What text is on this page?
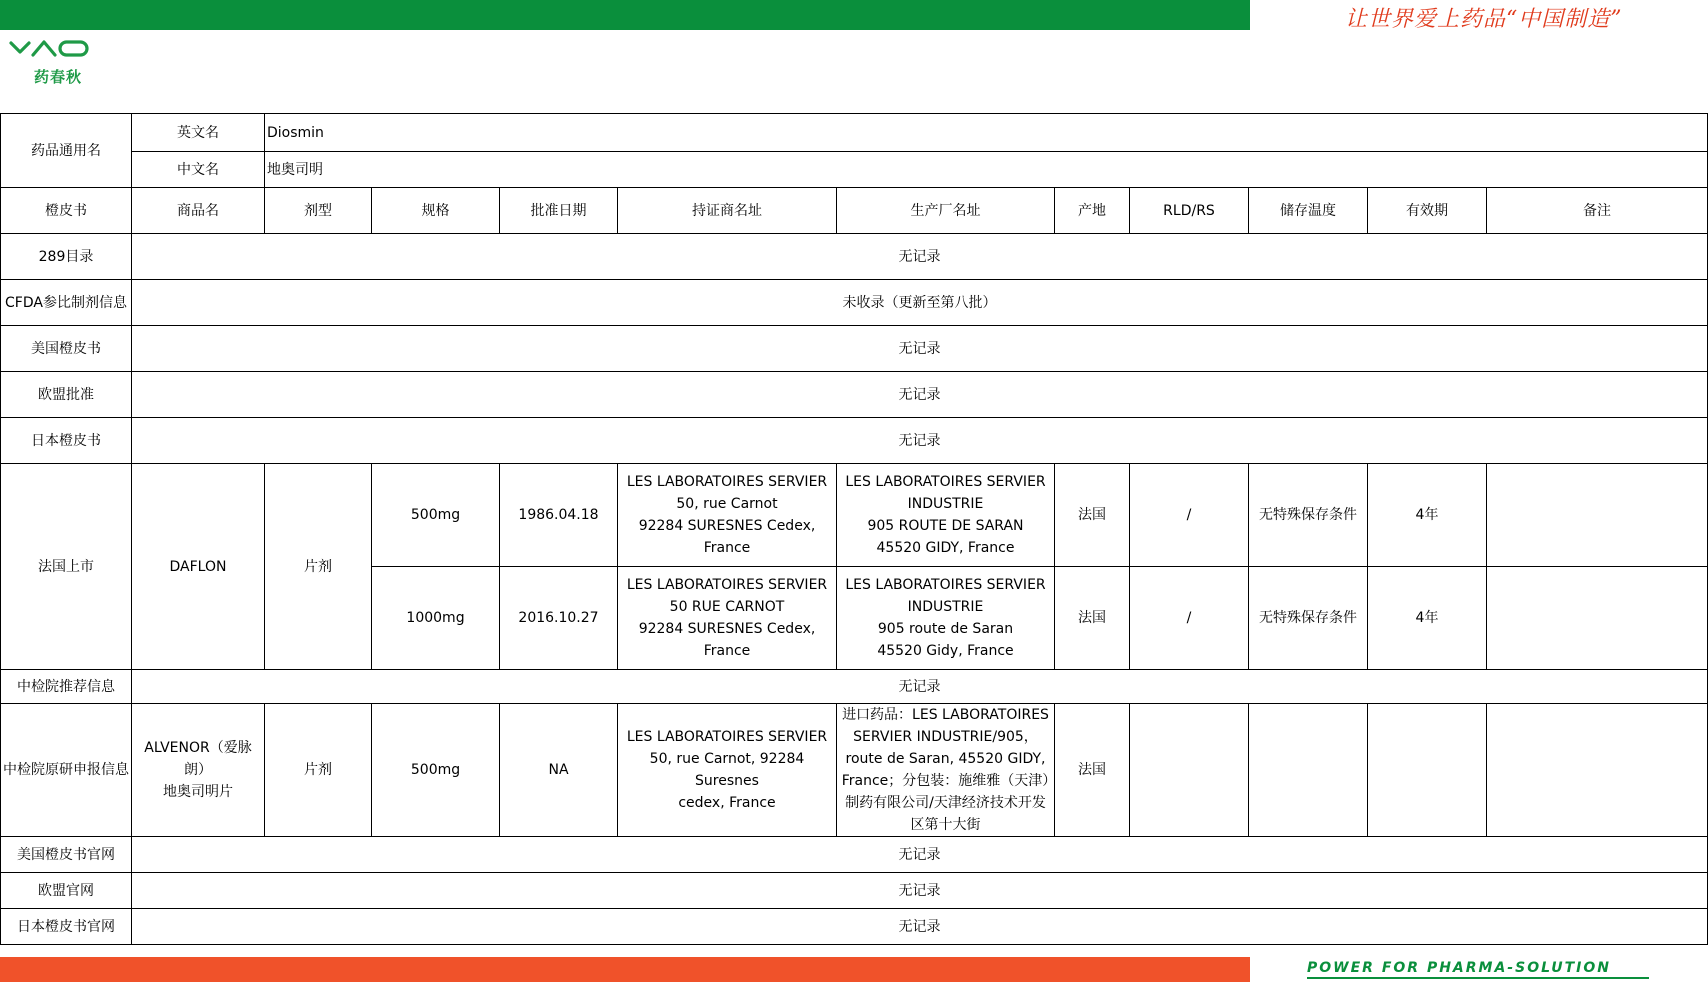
让世界爱上药品“中国制造”
药春秋
药品通用名	英文名	Diosmin									
	中文名	地奥司明									
橙皮书	商品名	剂型	规格	批准日期	持证商名址	生产厂名址	产地	RLD/RS	储存温度	有效期	备注
289目录	无记录										
CFDA参比制剂信息	未收录（更新至第八批）										
美国橙皮书	无记录										
欧盟批准	无记录										
日本橙皮书	无记录										
法国上市	DAFLON	片剂	500mg	1986.04.18	LES LABORATOIRES SERVIER
50, rue Carnot
92284 SURESNES Cedex, France	LES LABORATOIRES SERVIER
INDUSTRIE
905 ROUTE DE SARAN
45520 GIDY, France	法国	/	无特殊保存条件	4年	
			1000mg	2016.10.27	LES LABORATOIRES SERVIER
50 RUE CARNOT
92284 SURESNES Cedex, France	LES LABORATOIRES SERVIER
INDUSTRIE
905 route de Saran
45520 Gidy, France	法国	/	无特殊保存条件	4年	
中检院推荐信息	无记录										
中检院原研申报信息	ALVENOR（爱脉朗）
地奥司明片	片剂	500mg	NA	LES LABORATOIRES SERVIER
50, rue Carnot, 92284 Suresnes
cedex, France	进口药品：LES LABORATOIRES SERVIER INDUSTRIE/905，route de Saran, 45520 GIDY, France；分包装：施维雅（天津）制药有限公司/天津经济技术开发区第十大街	法国				
美国橙皮书官网	无记录										
欧盟官网	无记录										
日本橙皮书官网	无记录										
POWER FOR PHARMA-SOLUTION
